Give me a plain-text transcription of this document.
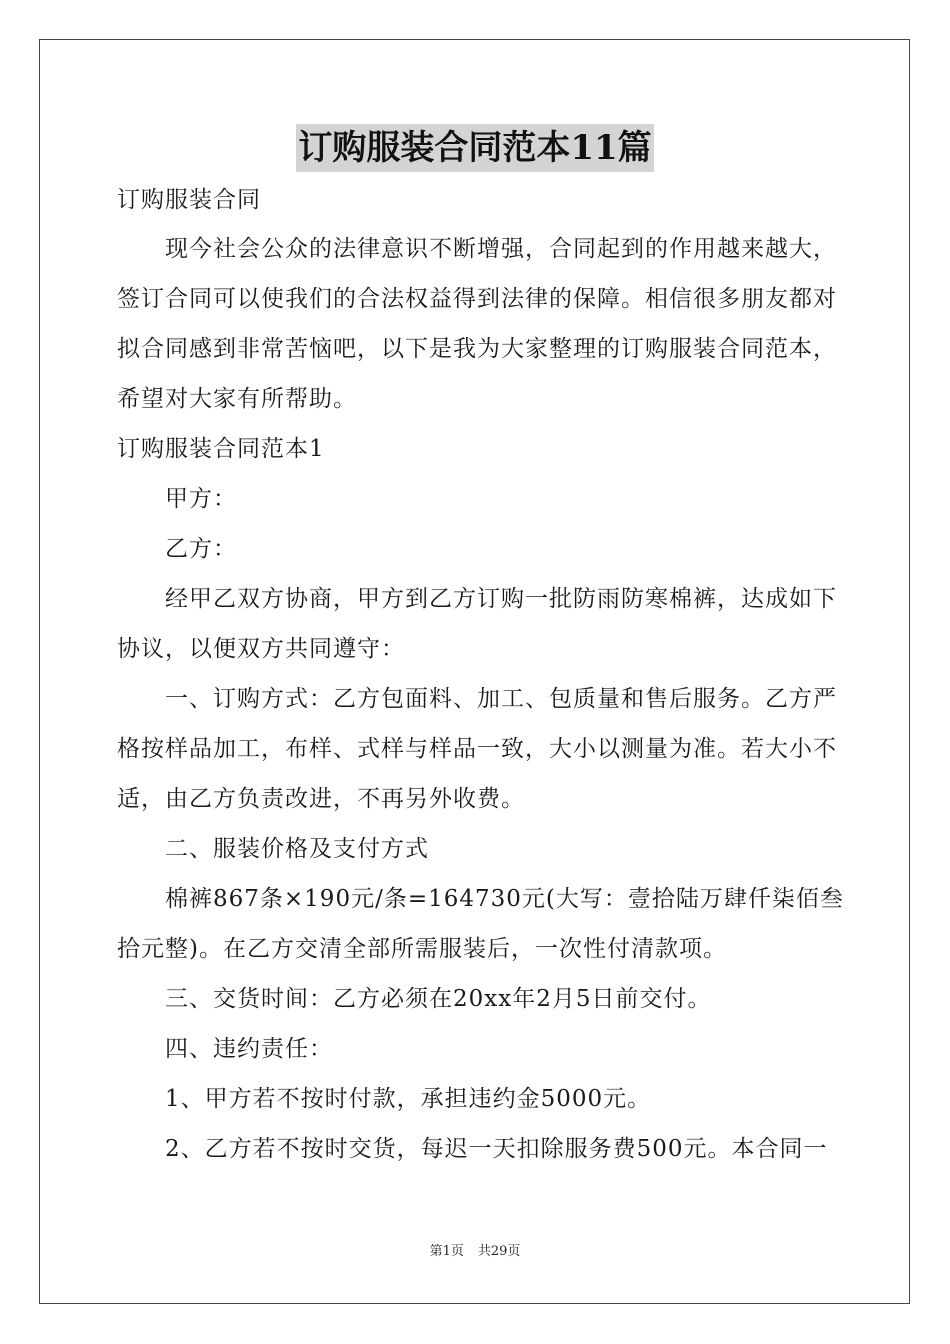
订购服装合同范本11篇
订购服装合同
现今社会公众的法律意识不断增强，合同起到的作用越来越大，
签订合同可以使我们的合法权益得到法律的保障。相信很多朋友都对
拟合同感到非常苦恼吧，以下是我为大家整理的订购服装合同范本，
希望对大家有所帮助。
订购服装合同范本1
甲方：
乙方：
经甲乙双方协商，甲方到乙方订购一批防雨防寒棉裤，达成如下
协议，以便双方共同遵守：
一、订购方式：乙方包面料、加工、包质量和售后服务。乙方严
格按样品加工，布样、式样与样品一致，大小以测量为准。若大小不
适，由乙方负责改进，不再另外收费。
二、服装价格及支付方式
棉裤867条×190元/条=164730元(大写：壹拾陆万肆仟柒佰叁
拾元整)。在乙方交清全部所需服装后，一次性付清款项。
三、交货时间：乙方必须在20xx年2月5日前交付。
四、违约责任：
1、甲方若不按时付款，承担违约金5000元。
2、乙方若不按时交货，每迟一天扣除服务费500元。本合同一
第1页 共29页
